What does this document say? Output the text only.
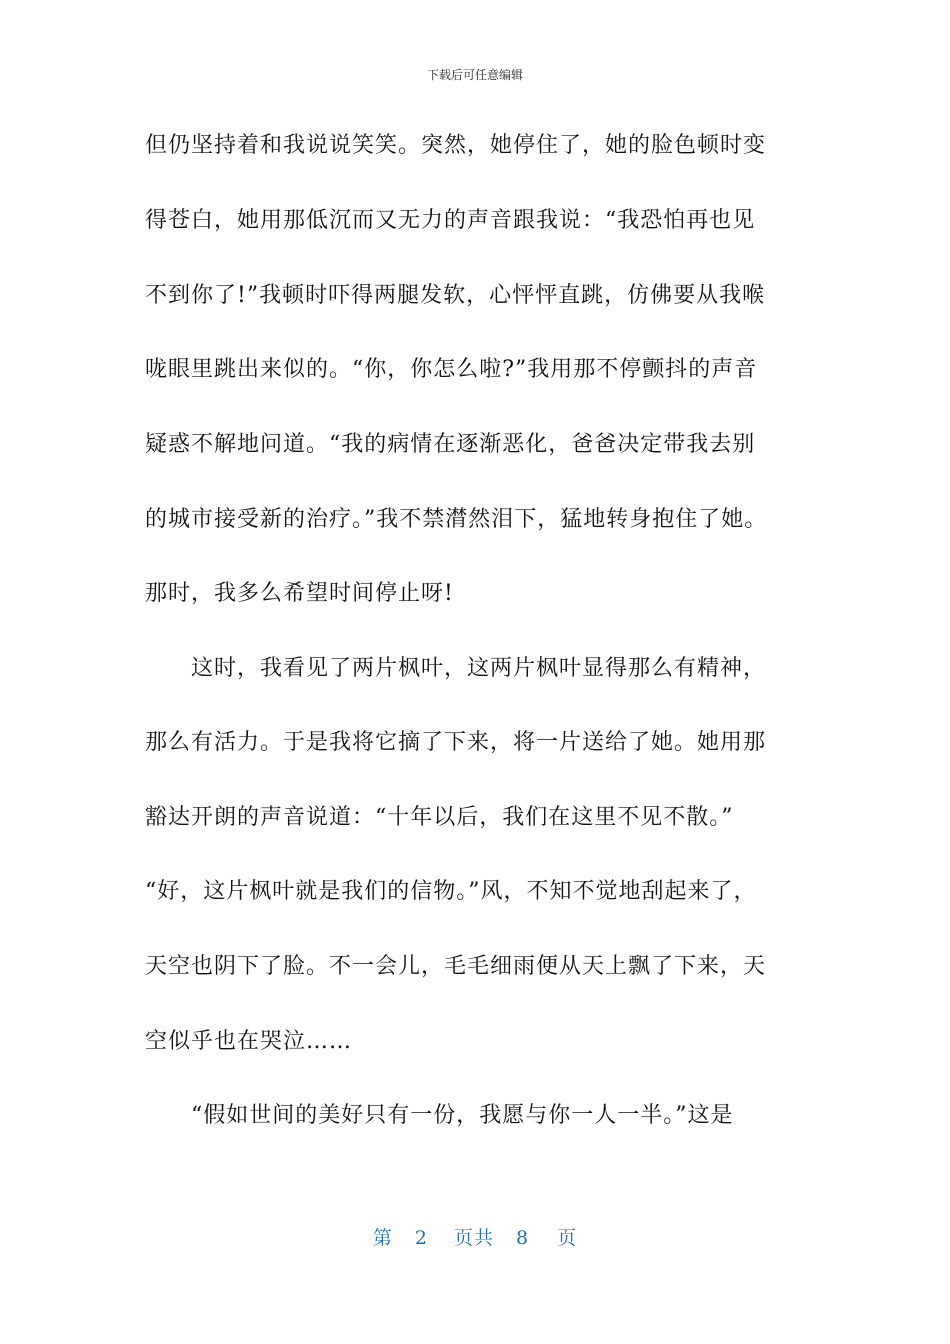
下载后可任意编辑
但仍坚持着和我说说笑笑。突然，她停住了，她的脸色顿时变
得苍白，她用那低沉而又无力的声音跟我说：“我恐怕再也见
不到你了!”我顿时吓得两腿发软，心怦怦直跳，仿佛要从我喉
咙眼里跳出来似的。“你，你怎么啦?”我用那不停颤抖的声音
疑惑不解地问道。“我的病情在逐渐恶化，爸爸决定带我去别
的城市接受新的治疗。”我不禁潸然泪下，猛地转身抱住了她。
那时，我多么希望时间停止呀!
这时，我看见了两片枫叶，这两片枫叶显得那么有精神，
那么有活力。于是我将它摘了下来，将一片送给了她。她用那
豁达开朗的声音说道：“十年以后，我们在这里不见不散。”
“好，这片枫叶就是我们的信物。”风，不知不觉地刮起来了，
天空也阴下了脸。不一会儿，毛毛细雨便从天上飘了下来，天
空似乎也在哭泣……
“假如世间的美好只有一份，我愿与你一人一半。”这是
第 2 页共 8 页
